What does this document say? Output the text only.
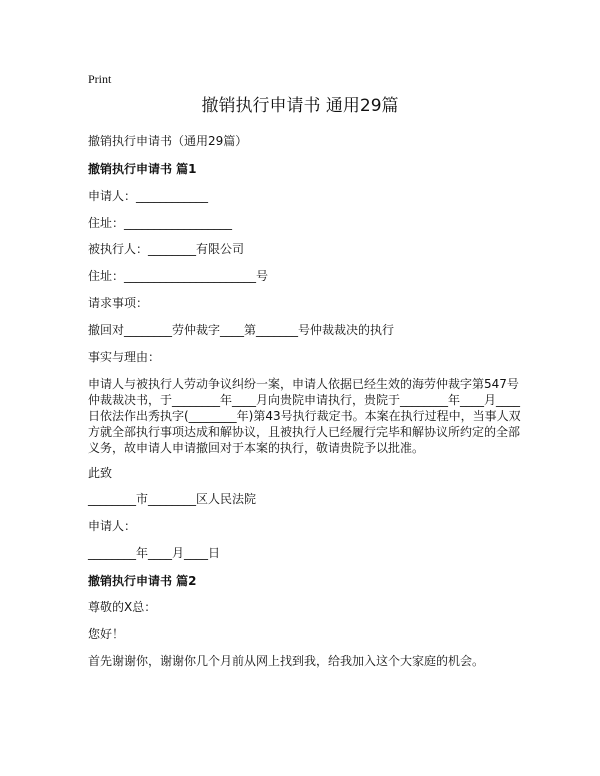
Print
撤销执行申请书 通用29篇
撤销执行申请书（通用29篇）
撤销执行申请书 篇1
申请人：____________
住址：__________________
被执行人：________有限公司
住址：______________________号
请求事项：
撤回对________劳仲裁字____第_______号仲裁裁决的执行
事实与理由：
申请人与被执行人劳动争议纠纷一案，申请人依据已经生效的海劳仲裁字第547号
仲裁裁决书，于________年____月向贵院申请执行，贵院于________年____月____
日依法作出秀执字(________年)第43号执行裁定书。本案在执行过程中，当事人双
方就全部执行事项达成和解协议，且被执行人已经履行完毕和解协议所约定的全部
义务，故申请人申请撤回对于本案的执行，敬请贵院予以批准。
此致
________市________区人民法院
申请人：
________年____月____日
撤销执行申请书 篇2
尊敬的X总：
您好！
首先谢谢你，谢谢你几个月前从网上找到我，给我加入这个大家庭的机会。
